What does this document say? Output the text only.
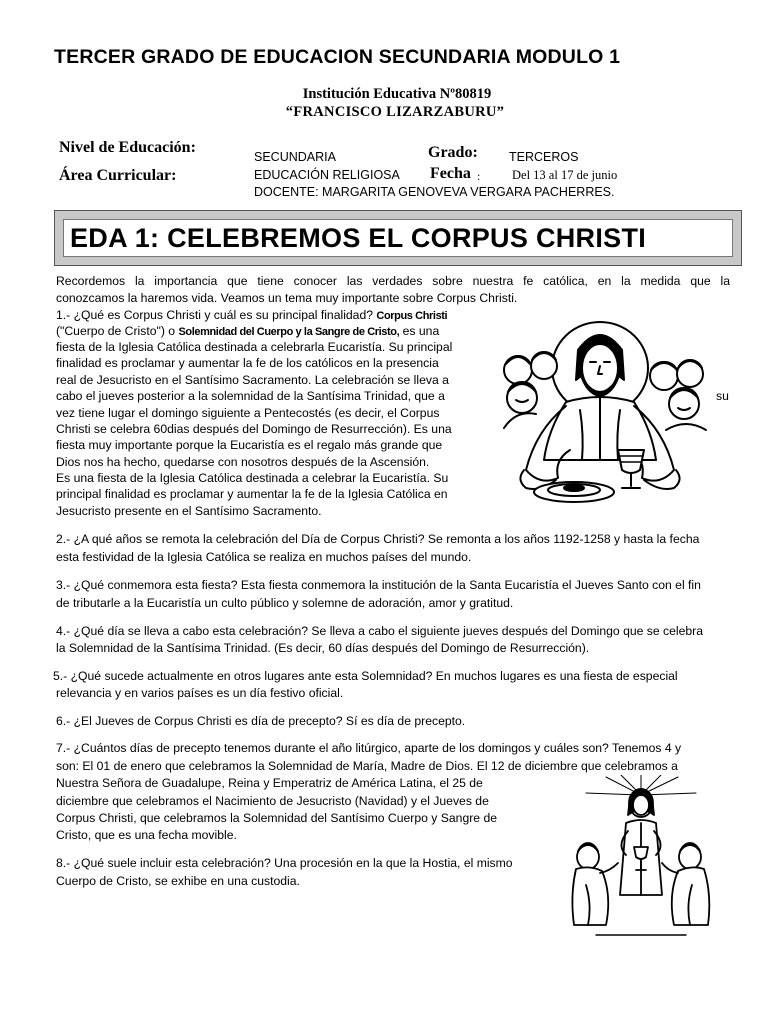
TERCER GRADO DE EDUCACION SECUNDARIA MODULO 1
Institución Educativa Nº80819
“FRANCISCO LIZARZABURU”
Nivel de Educación:
SECUNDARIA	Grado: TERCEROS
Área Curricular:	EDUCACIÓN RELIGIOSA Fecha :	Del 13 al 17 de junio
DOCENTE: MARGARITA GENOVEVA VERGARA PACHERRES.
EDA 1: CELEBREMOS EL CORPUS CHRISTI
Recordemos la importancia que tiene conocer las verdades sobre nuestra fe católica, en la medida que la
conozcamos la haremos vida. Veamos un tema muy importante sobre Corpus Christi.
1.- ¿Qué es Corpus Christi y cuál es su principal finalidad? Corpus Christi
("Cuerpo de Cristo") o Solemnidad del Cuerpo y la Sangre de Cristo, es una
fiesta de la Iglesia Católica destinada a celebrarla Eucaristía. Su principal
finalidad es proclamar y aumentar la fe de los católicos en la presencia
real de Jesucristo en el Santísimo Sacramento. La celebración se lleva a
cabo el jueves posterior a la solemnidad de la Santísima Trinidad, que a	su
vez tiene lugar el domingo siguiente a Pentecostés (es decir, el Corpus
Christi se celebra 60dias después del Domingo de Resurrección). Es una
fiesta muy importante porque la Eucaristía es el regalo más grande que
Dios nos ha hecho, quedarse con nosotros después de la Ascensión.
Es una fiesta de la Iglesia Católica destinada a celebrar la Eucaristía. Su
principal finalidad es proclamar y aumentar la fe de la Iglesia Católica en
Jesucristo presente en el Santísimo Sacramento.
2.- ¿A qué años se remota la celebración del Día de Corpus Christi? Se remonta a los años 1192-1258 y hasta la fecha
esta festividad de la Iglesia Católica se realiza en muchos países del mundo.
3.- ¿Qué conmemora esta fiesta? Esta fiesta conmemora la institución de la Santa Eucaristía el Jueves Santo con el fin
de tributarle a la Eucaristía un culto público y solemne de adoración, amor y gratitud.
4.- ¿Qué día se lleva a cabo esta celebración? Se lleva a cabo el siguiente jueves después del Domingo que se celebra
la Solemnidad de la Santísima Trinidad. (Es decir, 60 días después del Domingo de Resurrección).
5.- ¿Qué sucede actualmente en otros lugares ante esta Solemnidad? En muchos lugares es una fiesta de especial
relevancia y en varios países es un día festivo oficial.
6.- ¿El Jueves de Corpus Christi es día de precepto? Sí es día de precepto.
7.- ¿Cuántos días de precepto tenemos durante el año litúrgico, aparte de los domingos y cuáles son? Tenemos 4 y
son: El 01 de enero que celebramos la Solemnidad de María, Madre de Dios. El 12 de diciembre que celebramos a
Nuestra Señora de Guadalupe, Reina y Emperatriz de América Latina, el 25 de
diciembre que celebramos el Nacimiento de Jesucristo (Navidad) y el Jueves de
Corpus Christi, que celebramos la Solemnidad del Santísimo Cuerpo y Sangre de
Cristo, que es una fecha movible.
8.- ¿Qué suele incluir esta celebración? Una procesión en la que la Hostia, el mismo
Cuerpo de Cristo, se exhibe en una custodia.
